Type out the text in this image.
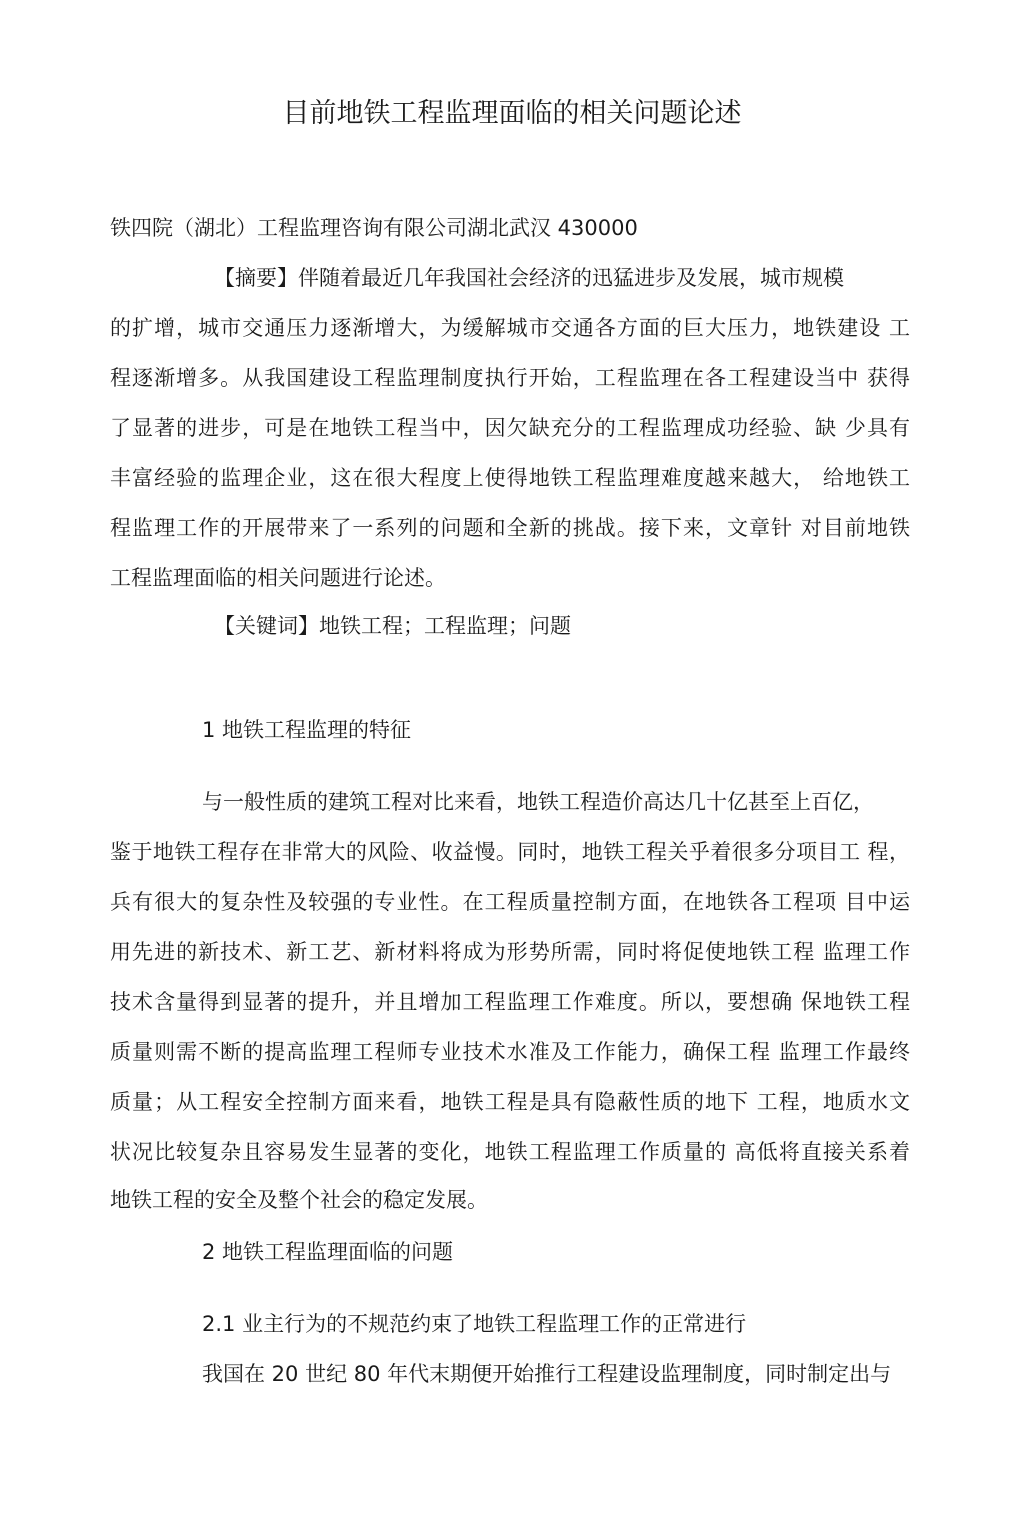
目前地铁工程监理面临的相关问题论述
铁四院（湖北）工程监理咨询有限公司湖北武汉 430000
【摘要】伴随着最近几年我国社会经济的迅猛进步及发展，城市规模
的扩增，城市交通压力逐渐增大，为缓解城市交通各方面的巨大压力，地铁建设 工
程逐渐增多。从我国建设工程监理制度执行开始，工程监理在各工程建设当中 获得
了显著的进步，可是在地铁工程当中，因欠缺充分的工程监理成功经验、缺 少具有
丰富经验的监理企业，这在很大程度上使得地铁工程监理难度越来越大， 给地铁工
程监理工作的开展带来了一系列的问题和全新的挑战。接下来，文章针 对目前地铁
工程监理面临的相关问题进行论述。
【关键词】地铁工程；工程监理；问题
1 地铁工程监理的特征
与一般性质的建筑工程对比来看，地铁工程造价高达几十亿甚至上百亿，
鉴于地铁工程存在非常大的风险、收益慢。同时，地铁工程关乎着很多分项目工 程，
兵有很大的复杂性及较强的专业性。在工程质量控制方面，在地铁各工程项 目中运
用先进的新技术、新工艺、新材料将成为形势所需，同时将促使地铁工程 监理工作
技术含量得到显著的提升，并且增加工程监理工作难度。所以，要想确 保地铁工程
质量则需不断的提高监理工程师专业技术水准及工作能力，确保工程 监理工作最终
质量；从工程安全控制方面来看，地铁工程是具有隐蔽性质的地下 工程，地质水文
状况比较复杂且容易发生显著的变化，地铁工程监理工作质量的 高低将直接关系着
地铁工程的安全及整个社会的稳定发展。
2 地铁工程监理面临的问题
2.1 业主行为的不规范约束了地铁工程监理工作的正常进行
我国在 20 世纪 80 年代末期便开始推行工程建设监理制度，同时制定出与
